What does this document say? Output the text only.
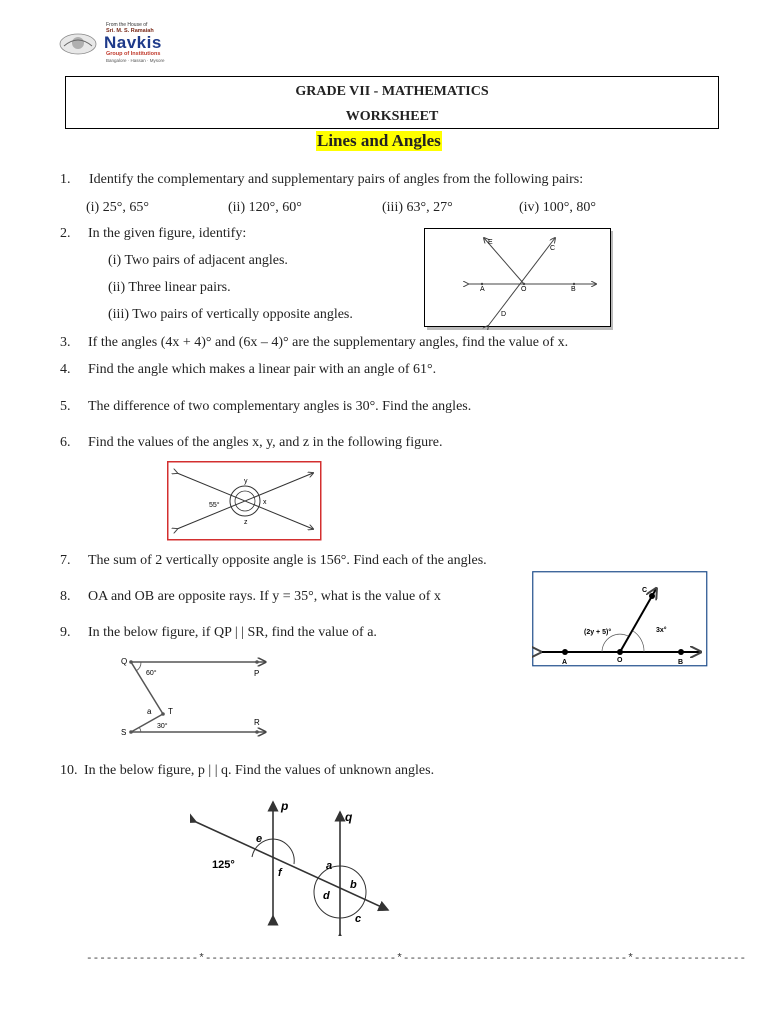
From the House of
Sri. M. S. Ramaiah
Navkis
Group of Institutions
Bangalore · Hassan · Mysore
GRADE VII - MATHEMATICS
WORKSHEET
Lines and Angles
1. Identify the complementary and supplementary pairs of angles from the following pairs:
(i) 25°, 65°	(ii) 120°, 60°	(iii) 63°, 27°	(iv) 100°, 80°
2. In the given figure, identify:
(i) Two pairs of adjacent angles.
(ii) Three linear pairs.
(iii) Two pairs of vertically opposite angles.
E
C
A	O	B
D
3. If the angles (4x + 4)° and (6x – 4)° are the supplementary angles, find the value of x.
4. Find the angle which makes a linear pair with an angle of 61°.
5. The difference of two complementary angles is 30°. Find the angles.
6. Find the values of the angles x, y, and z in the following figure.
y
55°	x
z
7. The sum of 2 vertically opposite angle is 156°. Find each of the angles.
8. OA and OB are opposite rays. If y = 35°, what is the value of x	C
(2y + 5)°	3x°
A	O	B
9. In the below figure, if QP | | SR, find the value of a.
Q
60°	P
a T
30°
S
R
10. In the below figure, p | | q. Find the values of unknown angles.
p
q
e
125°
f
a
b
d
c
-----------------*-----------------------------*----------------------------------*-----------------
